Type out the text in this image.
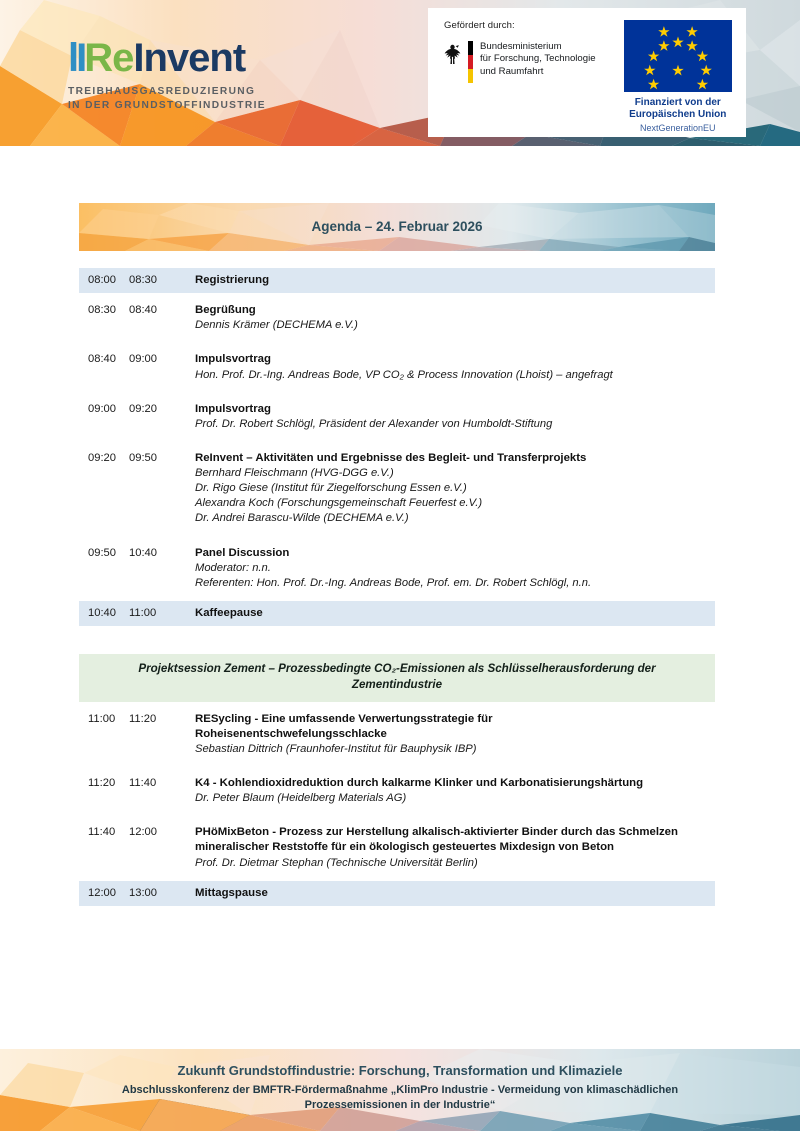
lIReInvent
TREIBHAUSGASREDUZIERUNG
IN DER GRUNDSTOFFINDUSTRIE
Gefördert durch:
Bundesministerium
für Forschung, Technologie
und Raumfahrt
Finanziert von der
Europäischen Union
NextGenerationEU
Agenda – 24. Februar 2026
08:00	08:30	Registrierung
08:30	08:40	Begrüßung
Dennis Krämer (DECHEMA e.V.)
08:40	09:00	Impulsvortrag
Hon. Prof. Dr.-Ing. Andreas Bode, VP CO₂ & Process Innovation (Lhoist) – angefragt
09:00	09:20	Impulsvortrag
Prof. Dr. Robert Schlögl, Präsident der Alexander von Humboldt-Stiftung
09:20	09:50	ReInvent – Aktivitäten und Ergebnisse des Begleit- und Transferprojekts
Bernhard Fleischmann (HVG-DGG e.V.)
Dr. Rigo Giese (Institut für Ziegelforschung Essen e.V.)
Alexandra Koch (Forschungsgemeinschaft Feuerfest e.V.)
Dr. Andrei Barascu-Wilde (DECHEMA e.V.)
09:50	10:40	Panel Discussion
Moderator: n.n.
Referenten: Hon. Prof. Dr.-Ing. Andreas Bode, Prof. em. Dr. Robert Schlögl, n.n.
10:40	11:00	Kaffeepause
Projektsession Zement – Prozessbedingte CO₂-Emissionen als Schlüsselherausforderung der Zementindustrie
11:00	11:20	RESycling - Eine umfassende Verwertungsstrategie für Roheisenentschwefelungsschlacke
Sebastian Dittrich (Fraunhofer-Institut für Bauphysik IBP)
11:20	11:40	K4 - Kohlendioxidreduktion durch kalkarme Klinker und Karbonatisierungshärtung
Dr. Peter Blaum (Heidelberg Materials AG)
11:40	12:00	PHöMixBeton - Prozess zur Herstellung alkalisch-aktivierter Binder durch das Schmelzen mineralischer Reststoffe für ein ökologisch gesteuertes Mixdesign von Beton
Prof. Dr. Dietmar Stephan (Technische Universität Berlin)
12:00	13:00	Mittagspause
Zukunft Grundstoffindustrie: Forschung, Transformation und Klimaziele
Abschlusskonferenz der BMFTR-Fördermaßnahme „KlimPro Industrie - Vermeidung von klimaschädlichen
Prozessemissionen in der Industrie“
